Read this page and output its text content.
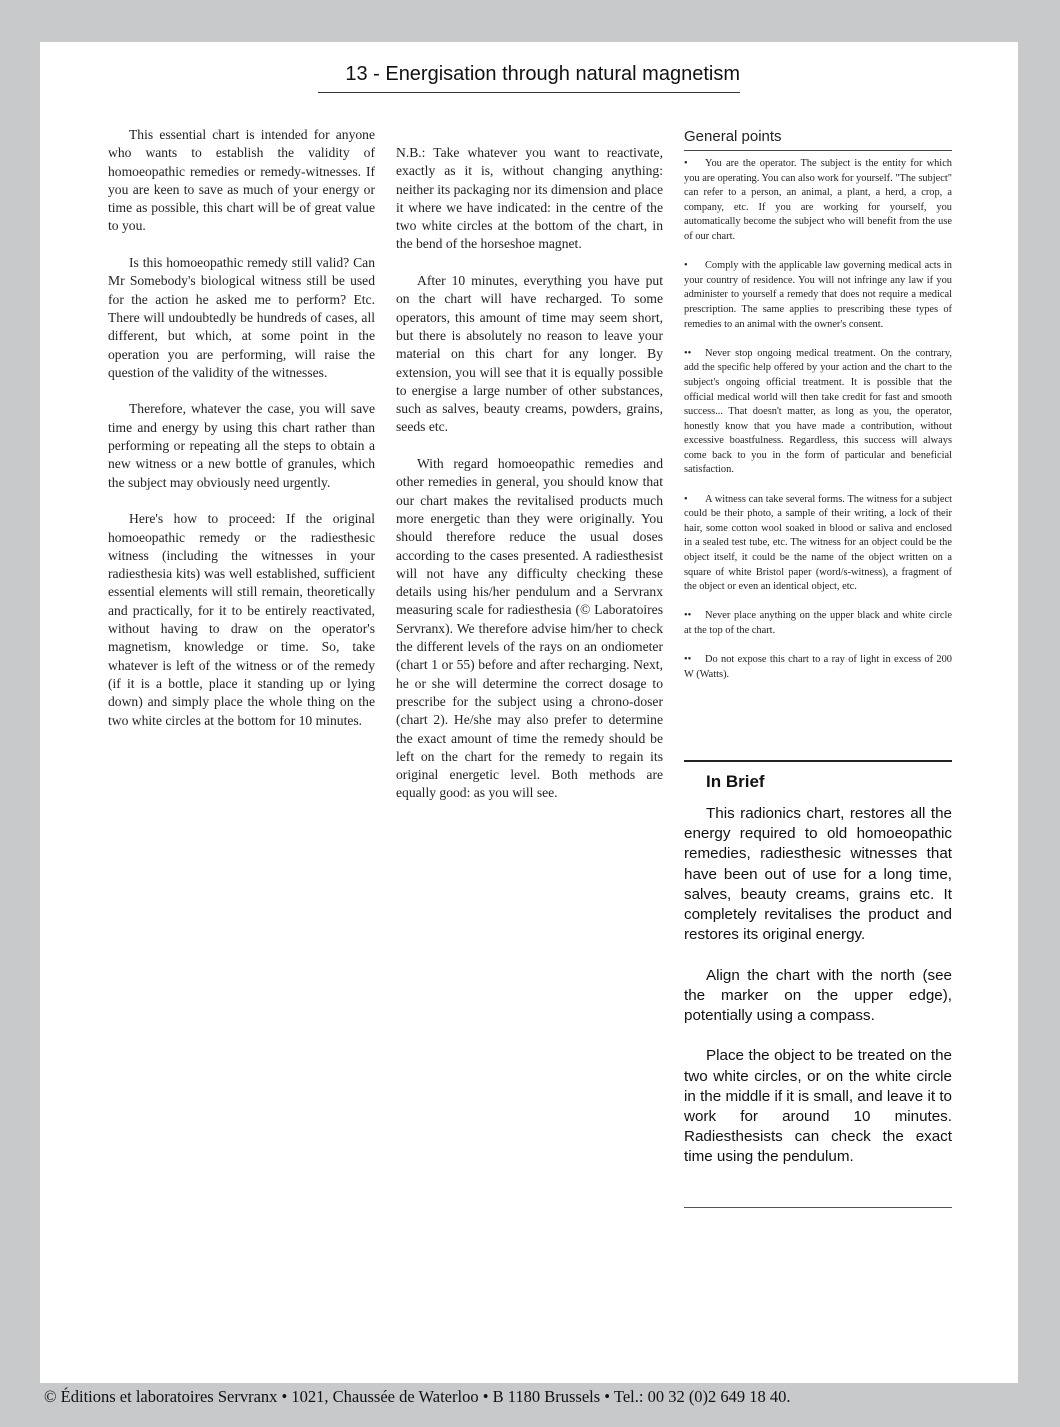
13 - Energisation through natural magnetism

This essential chart is intended for anyone who wants to establish the validity of homoeopathic remedies or remedy-witnesses. If you are keen to save as much of your energy or time as possible, this chart will be of great value to you.

Is this homoeopathic remedy still valid? Can Mr Somebody's biological witness still be used for the action he asked me to perform? Etc. There will undoubtedly be hundreds of cases, all different, but which, at some point in the operation you are performing, will raise the question of the validity of the witnesses.

Therefore, whatever the case, you will save time and energy by using this chart rather than performing or repeating all the steps to obtain a new witness or a new bottle of granules, which the subject may obviously need urgently.

Here's how to proceed: If the original homoeopathic remedy or the radiesthesic witness (including the witnesses in your radiesthesia kits) was well established, sufficient essential elements will still remain, theoretically and practically, for it to be entirely reactivated, without having to draw on the operator's magnetism, knowledge or time. So, take whatever is left of the witness or of the remedy (if it is a bottle, place it standing up or lying down) and simply place the whole thing on the two white circles at the bottom for 10 minutes.

N.B.: Take whatever you want to reactivate, exactly as it is, without changing anything: neither its packaging nor its dimension and place it where we have indicated: in the centre of the two white circles at the bottom of the chart, in the bend of the horseshoe magnet.

After 10 minutes, everything you have put on the chart will have recharged. To some operators, this amount of time may seem short, but there is absolutely no reason to leave your material on this chart for any longer. By extension, you will see that it is equally possible to energise a large number of other substances, such as salves, beauty creams, powders, grains, seeds etc.

With regard homoeopathic remedies and other remedies in general, you should know that our chart makes the revitalised products much more energetic than they were originally. You should therefore reduce the usual doses according to the cases presented. A radiesthesist will not have any difficulty checking these details using his/her pendulum and a Servranx measuring scale for radiesthesia (© Laboratoires Servranx). We therefore advise him/her to check the different levels of the rays on an ondiometer (chart 1 or 55) before and after recharging. Next, he or she will determine the correct dosage to prescribe for the subject using a chrono-doser (chart 2). He/she may also prefer to determine the exact amount of time the remedy should be left on the chart for the remedy to regain its original energetic level. Both methods are equally good: as you will see.

General points
• You are the operator. The subject is the entity for which you are operating. You can also work for yourself. "The subject" can refer to a person, an animal, a plant, a herd, a crop, a company, etc. If you are working for yourself, you automatically become the subject who will benefit from the use of our chart.
• Comply with the applicable law governing medical acts in your country of residence. You will not infringe any law if you administer to yourself a remedy that does not require a medical prescription. The same applies to prescribing these types of remedies to an animal with the owner's consent.
•• Never stop ongoing medical treatment. On the contrary, add the specific help offered by your action and the chart to the subject's ongoing official treatment. It is possible that the official medical world will then take credit for fast and smooth success... That doesn't matter, as long as you, the operator, honestly know that you have made a contribution, without excessive boastfulness. Regardless, this success will always come back to you in the form of particular and beneficial satisfaction.
• A witness can take several forms. The witness for a subject could be their photo, a sample of their writing, a lock of their hair, some cotton wool soaked in blood or saliva and enclosed in a sealed test tube, etc. The witness for an object could be the object itself, it could be the name of the object written on a square of white Bristol paper (word/s-witness), a fragment of the object or even an identical object, etc.
•• Never place anything on the upper black and white circle at the top of the chart.
•• Do not expose this chart to a ray of light in excess of 200 W (Watts).
In Brief

This radionics chart, restores all the energy required to old homoeopathic remedies, radiesthesic witnesses that have been out of use for a long time, salves, beauty creams, grains etc. It completely revitalises the product and restores its original energy.

Align the chart with the north (see the marker on the upper edge), potentially using a compass.

Place the object to be treated on the two white circles, or on the white circle in the middle if it is small, and leave it to work for around 10 minutes. Radiesthesists can check the exact time using the pendulum.

© Éditions et laboratoires Servranx • 1021, Chaussée de Waterloo • B 1180 Brussels • Tel.: 00 32 (0)2 649 18 40.
